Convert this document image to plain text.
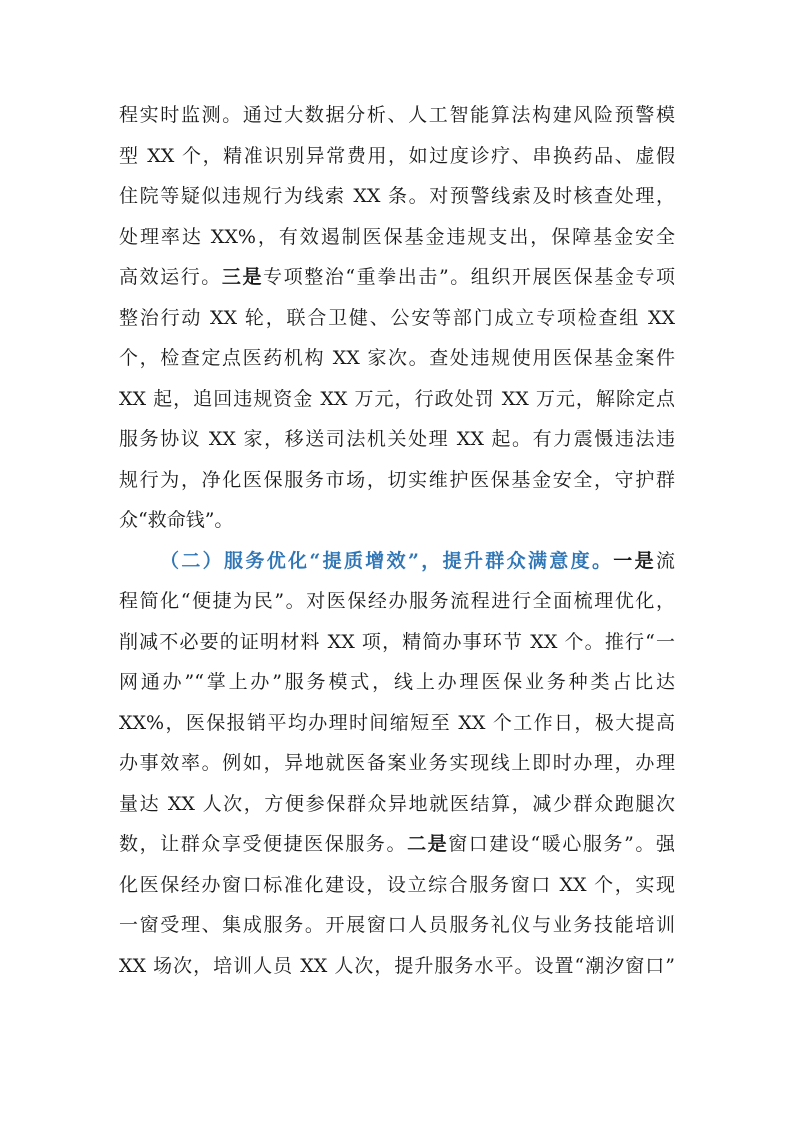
程实时监测。通过大数据分析、人工智能算法构建风险预警模
型 XX 个，精准识别异常费用，如过度诊疗、串换药品、虚假
住院等疑似违规行为线索 XX 条。对预警线索及时核查处理，
处理率达 XX%，有效遏制医保基金违规支出，保障基金安全
高效运行。三是专项整治“重拳出击”。组织开展医保基金专项
整治行动 XX 轮，联合卫健、公安等部门成立专项检查组 XX
个，检查定点医药机构 XX 家次。查处违规使用医保基金案件
XX 起，追回违规资金 XX 万元，行政处罚 XX 万元，解除定点
服务协议 XX 家，移送司法机关处理 XX 起。有力震慑违法违
规行为，净化医保服务市场，切实维护医保基金安全，守护群
众“救命钱”。
（二）服务优化“提质增效”，提升群众满意度。一是流
程简化“便捷为民”。对医保经办服务流程进行全面梳理优化，
削减不必要的证明材料 XX 项，精简办事环节 XX 个。推行“一
网通办”“掌上办”服务模式，线上办理医保业务种类占比达
XX%，医保报销平均办理时间缩短至 XX 个工作日，极大提高
办事效率。例如，异地就医备案业务实现线上即时办理，办理
量达 XX 人次，方便参保群众异地就医结算，减少群众跑腿次
数，让群众享受便捷医保服务。二是窗口建设“暖心服务”。强
化医保经办窗口标准化建设，设立综合服务窗口 XX 个，实现
一窗受理、集成服务。开展窗口人员服务礼仪与业务技能培训
XX 场次，培训人员 XX 人次，提升服务水平。设置“潮汐窗口”
